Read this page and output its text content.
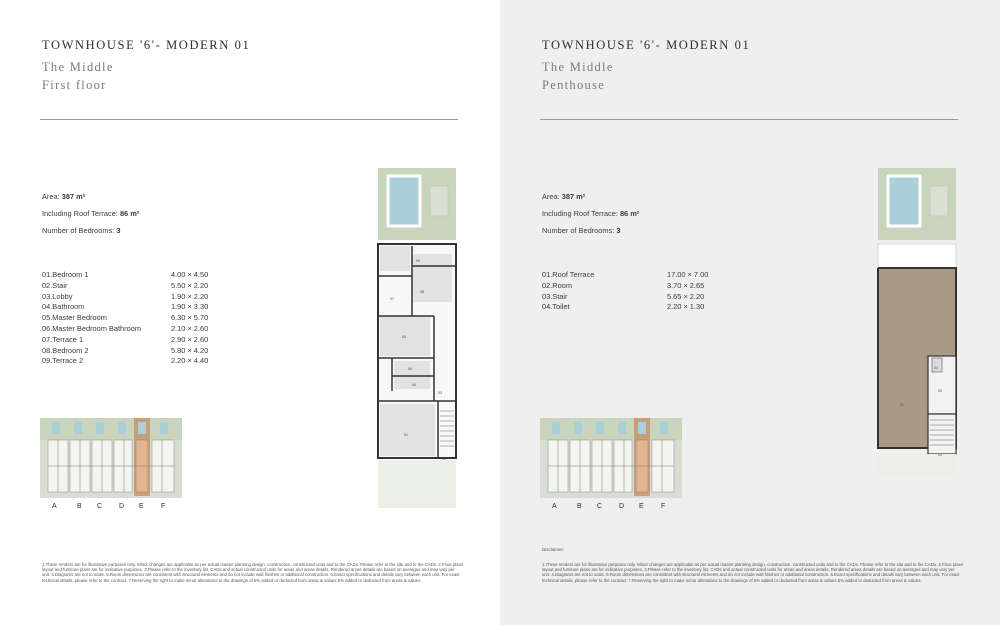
TOWNHOUSE '6'- MODERN 01
The Middle
First floor
Area: 387 m²
Including Roof Terrace: 86 m²
Number of Bedrooms: 3
01.Bedroom 1	4.00 × 4.50
02.Stair	5.50 × 2.20
03.Lobby	1.90 × 2.20
04.Bathroom	1.90 × 3.30
05.Master Bedroom	6.30 × 5.70
06.Master Bedroom Bathroom	2.10 × 2.60
07.Terrace 1	2.90 × 2.60
08.Bedroom 2	5.80 × 4.20
09.Terrace 2	2.20 × 4.40
A	B C D E F
09
08
07
05
06
04
03
01
02
1.These renders are for illustrative purposes only. Minor changes are applicable as per actual master planning design, construction, constructed units and to the CADs. Please refer to the site and to the CADs. 2.Floor plans layout and furniture plans are for indicative purposes. 3.Please refer to the inventory list, CADs and actual constructed units for areas and areas details. Rendered areas details are based on averages and may vary per unit. 4.Diagrams are not to scale. 5.Room dimensions are consistent with structural elements and do not include wall finishes or additional construction. 6.Exact specifications and details vary between each unit. For exact technical details, please refer to the contract. 7.Reserving the right to make minor alterations to the drawings of 5% added or deducted from areas & values.5% added or deducted from areas & values.
TOWNHOUSE '6'- MODERN 01
The Middle
Penthouse
Area: 387 m²
Including Roof Terrace: 86 m²
Number of Bedrooms: 3
01.Roof Terrace	17.00 × 7.00
02.Room	3.70 × 2.65
03.Stair	5.65 × 2.20
04.Toilet	2.20 × 1.30
A	B C D E F
04
02
01
03
Disclaimer:
1.These renders are for illustrative purposes only. Minor changes are applicable as per actual master planning design, construction, constructed units and to the CADs. Please refer to the site and to the CADs. 2.Floor plans layout and furniture plans are for indicative purposes. 3.Please refer to the inventory list, CADs and actual constructed units for areas and areas details. Rendered areas details are based on averages and may vary per unit. 4.Diagrams are not to scale. 5.Room dimensions are consistent with structural elements and do not include wall finishes or additional construction. 6.Exact specifications and details vary between each unit. For exact technical details, please refer to the contract. 7.Reserving the right to make minor alterations to the drawings of 5% added or deducted from areas & values.5% added or deducted from areas & values.
